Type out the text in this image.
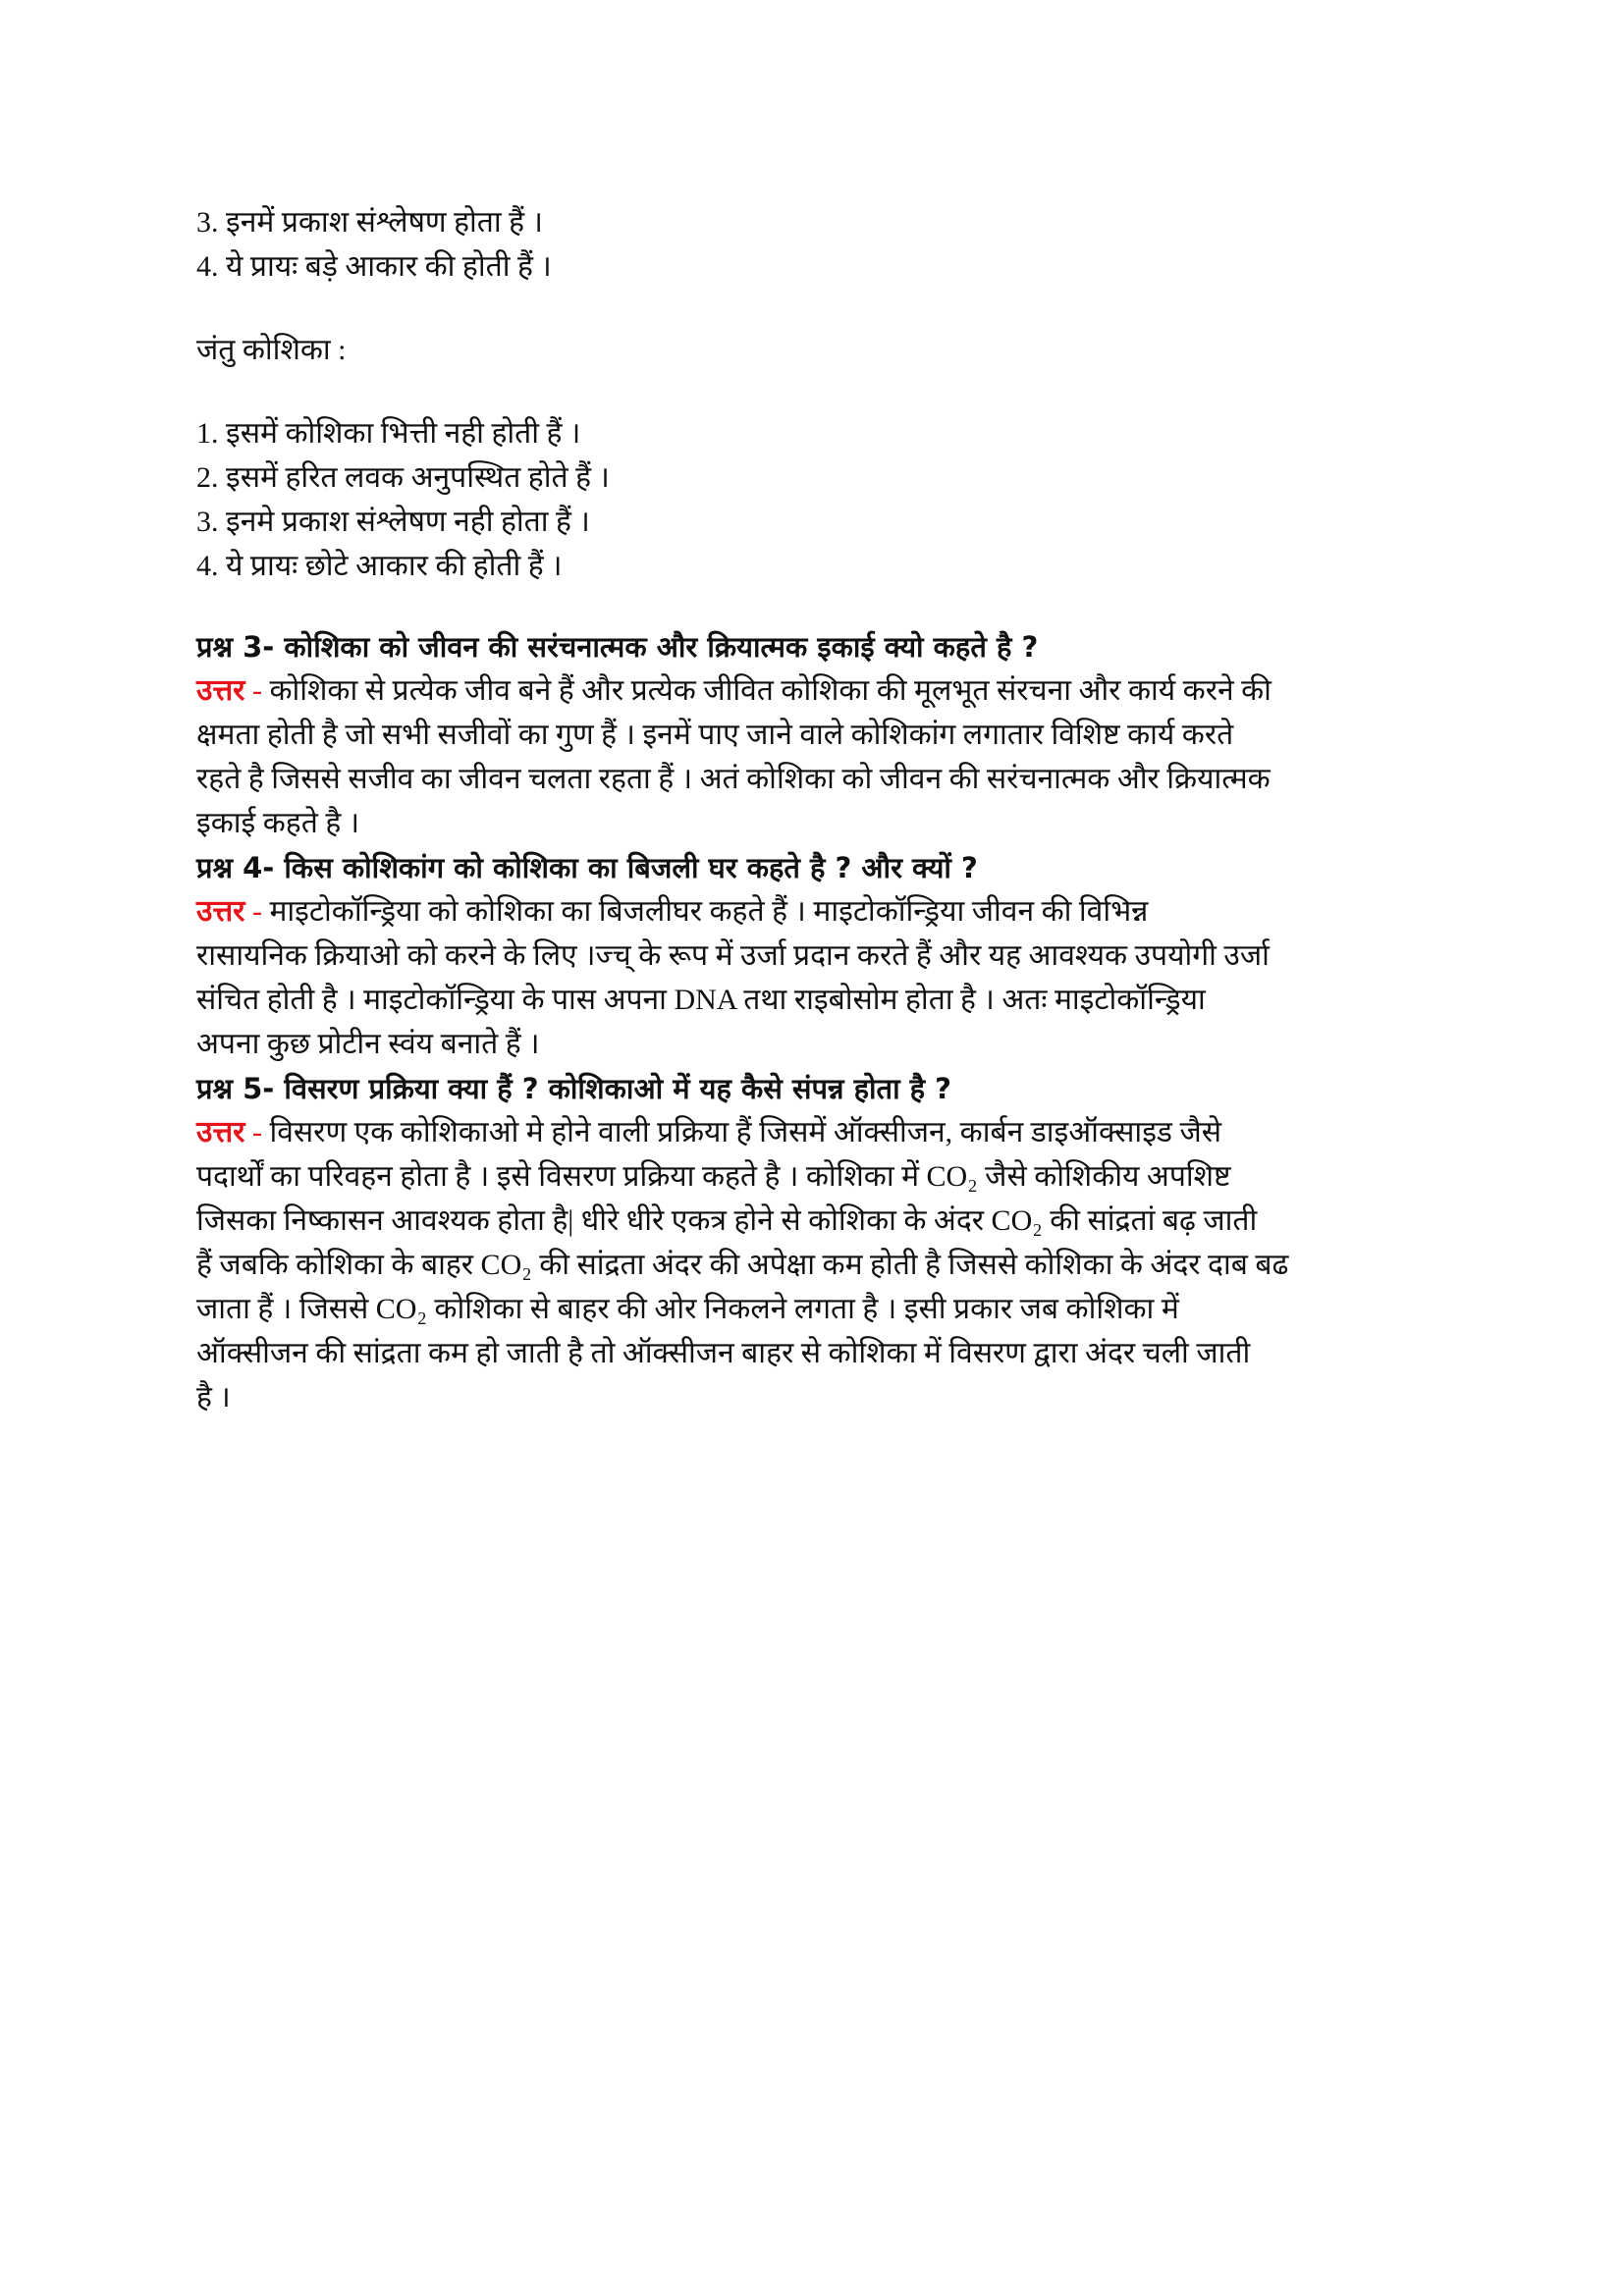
3. इनमें प्रकाश संश्लेषण होता हैं ।
4. ये प्रायः बड़े आकार की होती हैं ।
जंतु कोशिका :
1. इसमें कोशिका भित्ती नही होती हैं ।
2. इसमें हरित लवक अनुपस्थित होते हैं ।
3. इनमे प्रकाश संश्लेषण नही होता हैं ।
4. ये प्रायः छोटे आकार की होती हैं ।
प्रश्न 3- कोशिका को जीवन की सरंचनात्मक और क्रियात्मक इकाई क्यो कहते है ?
उत्तर - कोशिका से प्रत्येक जीव बने हैं और प्रत्येक जीवित कोशिका की मूलभूत संरचना और कार्य करने की
क्षमता होती है जो सभी सजीवों का गुण हैं । इनमें पाए जाने वाले कोशिकांग लगातार विशिष्ट कार्य करते
रहते है जिससे सजीव का जीवन चलता रहता हैं । अतं कोशिका को जीवन की सरंचनात्मक और क्रियात्मक
इकाई कहते है ।
प्रश्न 4- किस कोशिकांग को कोशिका का बिजली घर कहते है ? और क्यों ?
उत्तर - माइटोकॉन्ड्रिया को कोशिका का बिजलीघर कहते हैं । माइटोकॉन्ड्रिया जीवन की विभिन्न
रासायनिक क्रियाओ को करने के लिए ।ज्च् के रूप में उर्जा प्रदान करते हैं और यह आवश्यक उपयोगी उर्जा
संचित होती है । माइटोकॉन्ड्रिया के पास अपना DNA तथा राइबोसोम होता है । अतः माइटोकॉन्ड्रिया
अपना कुछ प्रोटीन स्वंय बनाते हैं ।
प्रश्न 5- विसरण प्रक्रिया क्या हैं ? कोशिकाओ में यह कैसे संपन्न होता है ?
उत्तर - विसरण एक कोशिकाओ मे होने वाली प्रक्रिया हैं जिसमें ऑक्सीजन, कार्बन डाइऑक्साइड जैसे
पदार्थों का परिवहन होता है । इसे विसरण प्रक्रिया कहते है । कोशिका में CO₂ जैसे कोशिकीय अपशिष्ट
जिसका निष्कासन आवश्यक होता है| धीरे धीरे एकत्र होने से कोशिका के अंदर CO₂ की सांद्रतां बढ़ जाती
हैं जबकि कोशिका के बाहर CO₂ की सांद्रता अंदर की अपेक्षा कम होती है जिससे कोशिका के अंदर दाब बढ
जाता हैं । जिससे CO₂ कोशिका से बाहर की ओर निकलने लगता है । इसी प्रकार जब कोशिका में
ऑक्सीजन की सांद्रता कम हो जाती है तो ऑक्सीजन बाहर से कोशिका में विसरण द्वारा अंदर चली जाती
है ।
